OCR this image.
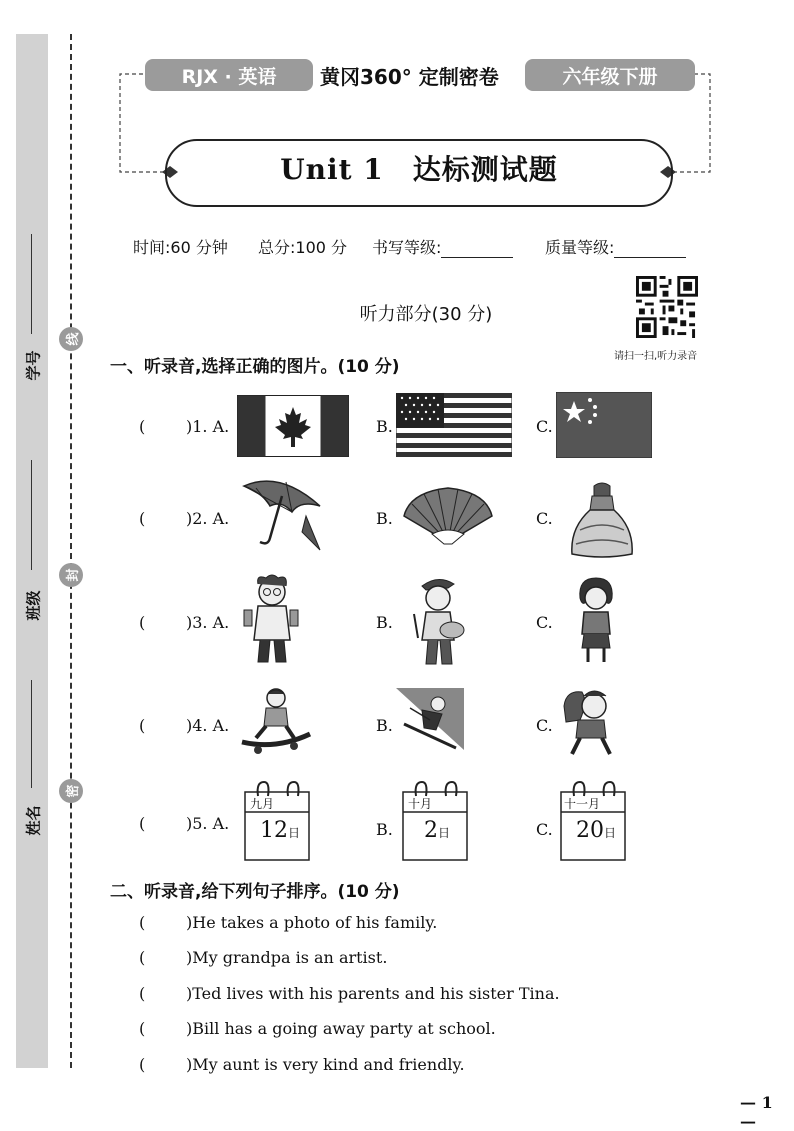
学号
班级
姓名
线
封
密
RJX · 英语	黄冈360° 定制密卷	六年级下册
Unit 1　达标测试题
时间:60 分钟 总分:100 分 书写等级:	质量等级:
听力部分(30 分)
请扫一扫,听力录音
一、听录音,选择正确的图片。(10 分)
(	)1. A.	B.	C.
(	)2. A.	B.	C.
(	)3. A.	B.	C.
(	)4. A.	B.	C.
(	)5. A.	B.	C.
九月
12日
十月
2日
十一月
20日
二、听录音,给下列句子排序。(10 分)
(	)He takes a photo of his family.
(	)My grandpa is an artist.
(	)Ted lives with his parents and his sister Tina.
(	)Bill has a going away party at school.
(	)My aunt is very kind and friendly.
— 1 —
